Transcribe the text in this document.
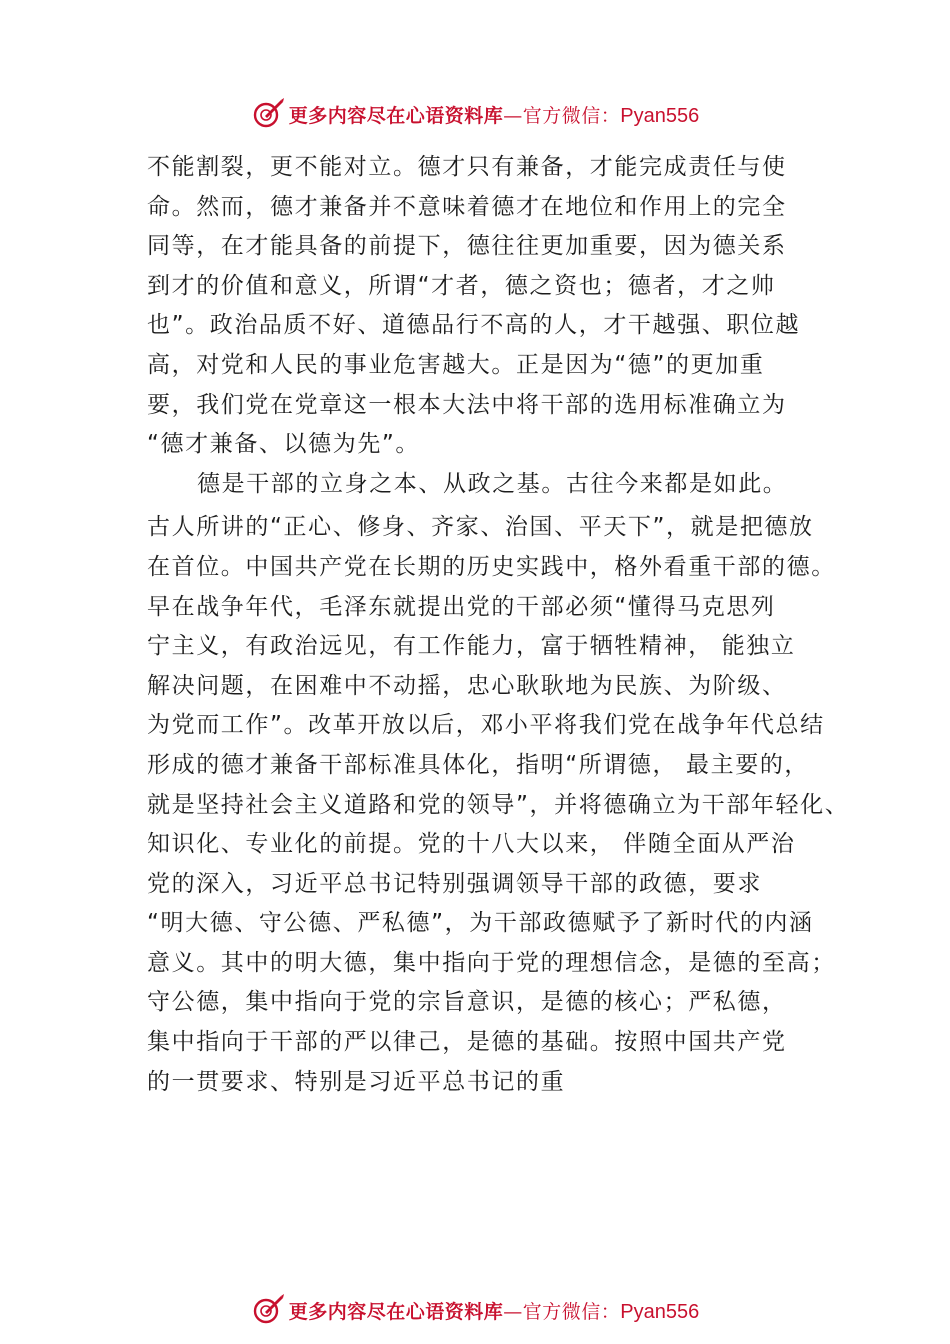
更多内容尽在心语资料库 — 官方微信： Pyan556
不能割裂，更不能对立。德才只有兼备，才能完成责任与使
命。然而，德才兼备并不意味着德才在地位和作用上的完全
同等，在才能具备的前提下，德往往更加重要，因为德关系
到才的价值和意义，所谓“才者，德之资也；德者，才之帅
也”。政治品质不好、道德品行不高的人，才干越强、职位越
高，对党和人民的事业危害越大。正是因为“德”的更加重
要，我们党在党章这一根本大法中将干部的选用标准确立为
“德才兼备、以德为先”。
德是干部的立身之本、从政之基。古往今来都是如此。
古人所讲的“正心、修身、齐家、治国、平天下”，就是把德放
在首位。中国共产党在长期的历史实践中，格外看重干部的德。
早在战争年代，毛泽东就提出党的干部必须“懂得马克思列
宁主义，有政治远见，有工作能力，富于牺牲精神， 能独立
解决问题，在困难中不动摇，忠心耿耿地为民族、为阶级、
为党而工作”。改革开放以后，邓小平将我们党在战争年代总结
形成的德才兼备干部标准具体化，指明“所谓德， 最主要的，
就是坚持社会主义道路和党的领导”，并将德确立为干部年轻化、
知识化、专业化的前提。党的十八大以来， 伴随全面从严治
党的深入，习近平总书记特别强调领导干部的政德，要求
“明大德、守公德、严私德”，为干部政德赋予了新时代的内涵
意义。其中的明大德，集中指向于党的理想信念，是德的至高；
守公德，集中指向于党的宗旨意识，是德的核心；严私德，
集中指向于干部的严以律己，是德的基础。按照中国共产党
的一贯要求、特别是习近平总书记的重
更多内容尽在心语资料库 — 官方微信： Pyan556
